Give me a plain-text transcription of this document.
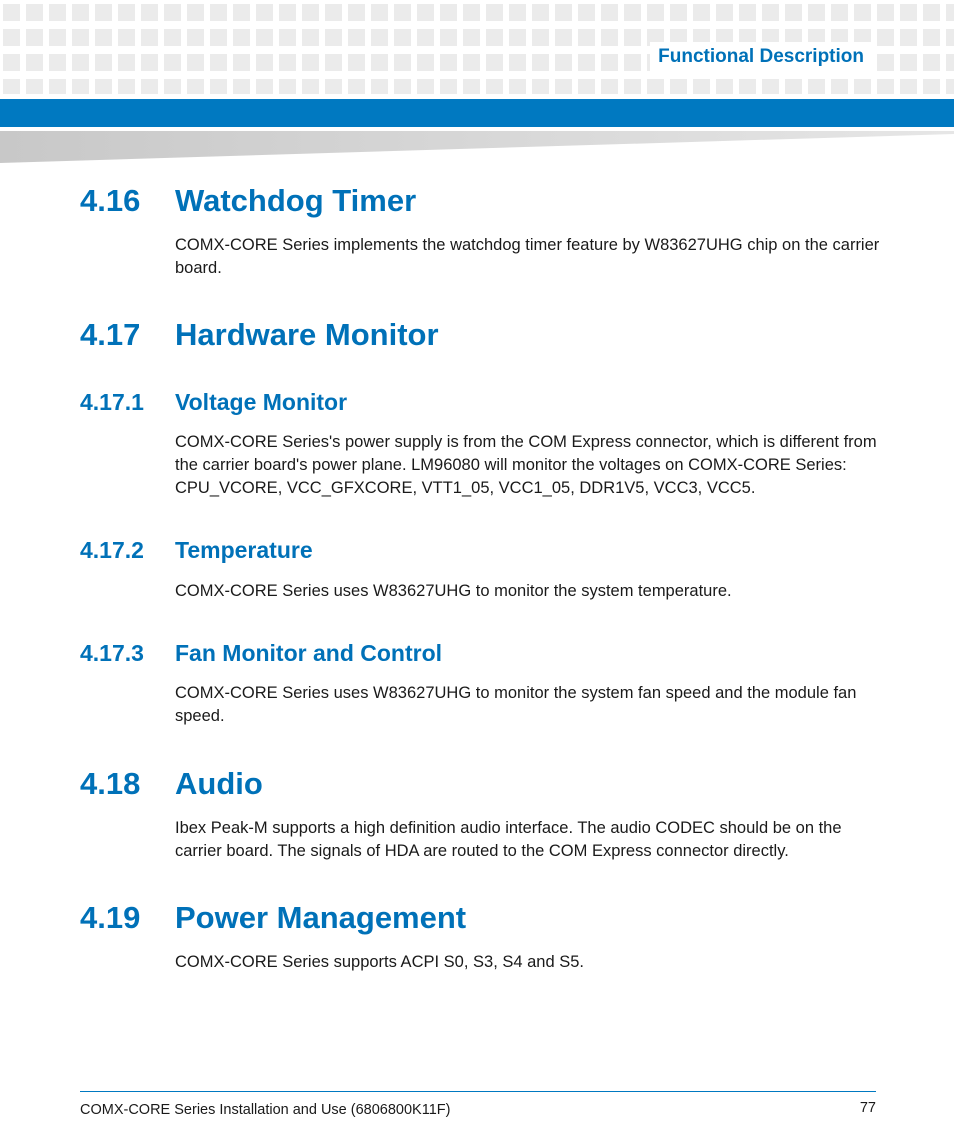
Functional Description
4.16 Watchdog Timer
COMX-CORE Series implements the watchdog timer feature by W83627UHG chip on the carrier board.
4.17 Hardware Monitor
4.17.1 Voltage Monitor
COMX-CORE Series's power supply is from the COM Express connector, which is different from the carrier board's power plane. LM96080 will monitor the voltages on COMX-CORE Series: CPU_VCORE, VCC_GFXCORE, VTT1_05, VCC1_05, DDR1V5, VCC3, VCC5.
4.17.2 Temperature
COMX-CORE Series uses W83627UHG to monitor the system temperature.
4.17.3 Fan Monitor and Control
COMX-CORE Series uses W83627UHG to monitor the system fan speed and the module fan speed.
4.18 Audio
Ibex Peak-M supports a high definition audio interface. The audio CODEC should be on the carrier board. The signals of HDA are routed to the COM Express connector directly.
4.19 Power Management
COMX-CORE Series supports ACPI S0, S3, S4 and S5.
COMX-CORE Series Installation and Use (6806800K11F)	77
